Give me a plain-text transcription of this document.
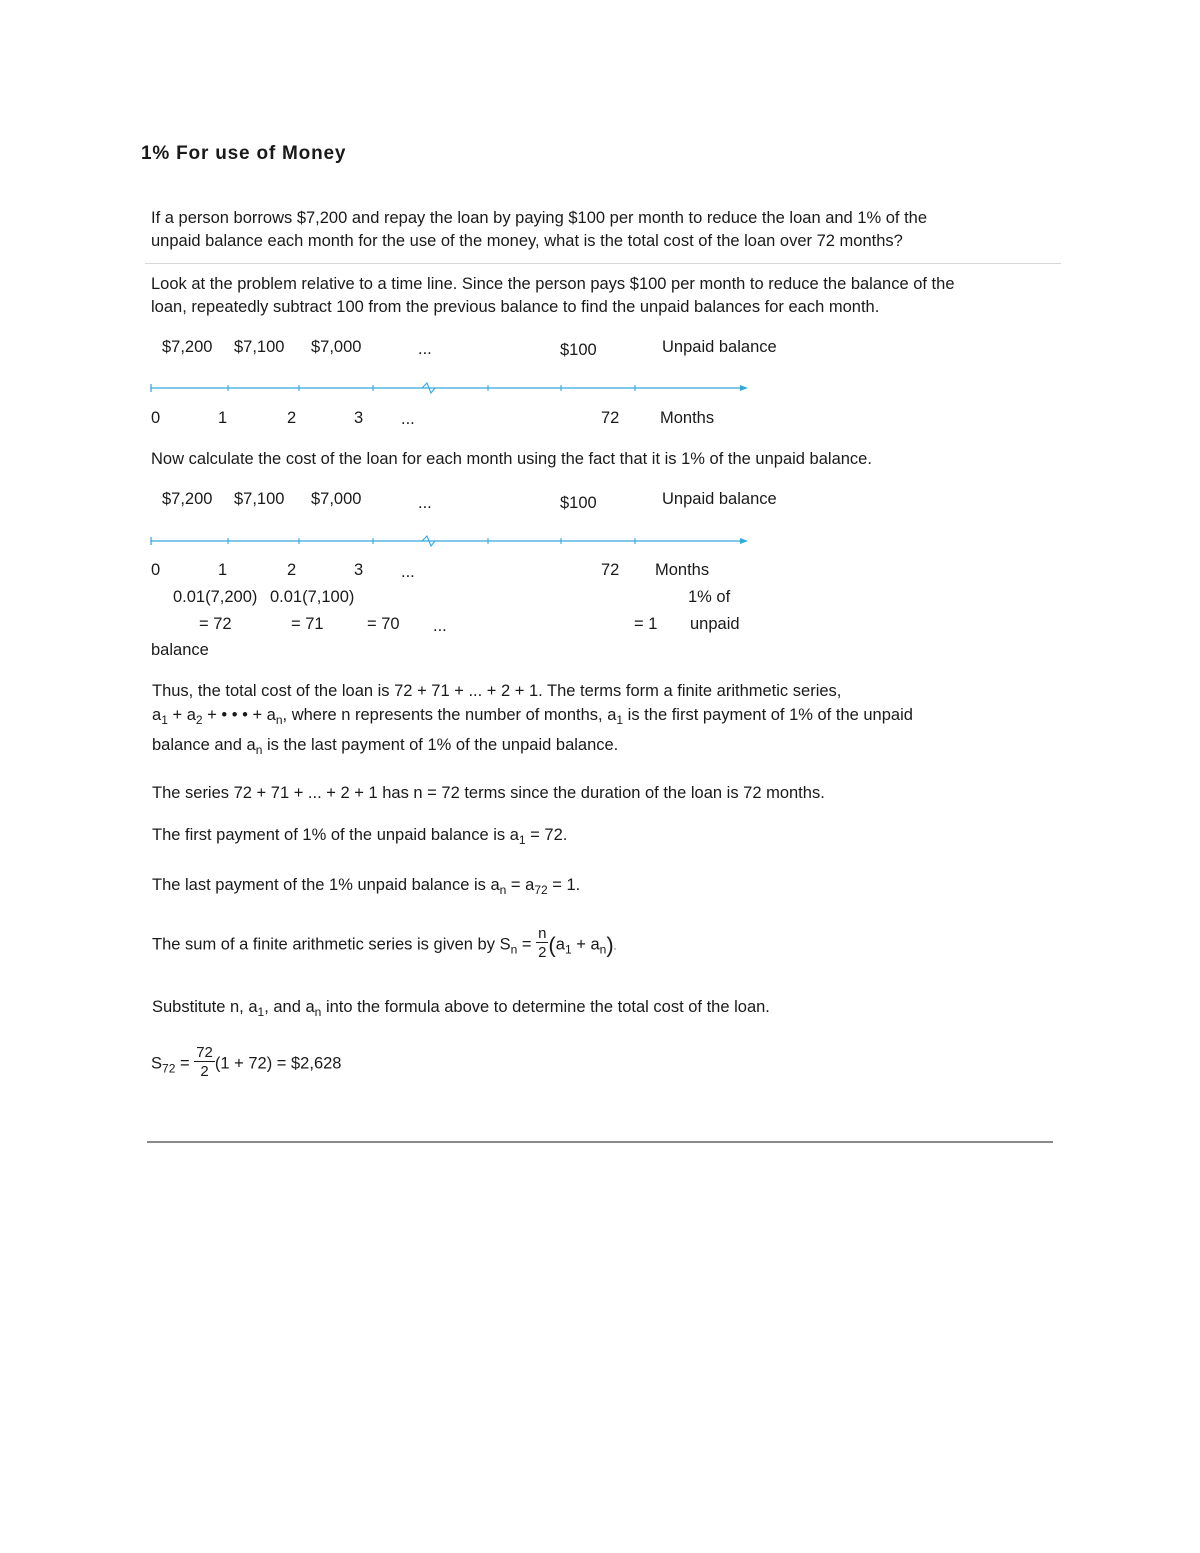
1% For use of Money
If a person borrows $7,200 and repay the loan by paying $100 per month to reduce the loan and 1% of the
unpaid balance each month for the use of the money, what is the total cost of the loan over 72 months?
Look at the problem relative to a time line. Since the person pays $100 per month to reduce the balance of the
loan, repeatedly subtract 100 from the previous balance to find the unpaid balances for each month.
$7,200 $7,100 $7,000	...	$100	Unpaid balance
0	1	2	3 ...	72 Months
Now calculate the cost of the loan for each month using the fact that it is 1% of the unpaid balance.
$7,200 $7,100 $7,000	...	$100	Unpaid balance
0	1	2	3 ...	72 Months
0.01(7,200) 0.01(7,100)	1% of
= 72	= 71	= 70 ...	= 1 unpaid
balance
Thus, the total cost of the loan is 72 + 71 + ... + 2 + 1. The terms form a finite arithmetic series,
$a_1 + a_2$ + • • • + $a_n$, where n represents the number of months, $a_1$ is the first payment of 1% of the unpaid
balance and $a_n$ is the last payment of 1% of the unpaid balance.
The series 72 + 71 + ... + 2 + 1 has n = 72 terms since the duration of the loan is 72 months.
The first payment of 1% of the unpaid balance is $a_1 = 72$.
The last payment of the 1% unpaid balance is $a_n = a_{72} = 1$.
The sum of a finite arithmetic series is given by $S_n = \frac{n}{2} (a_1 + a_n)$.
Substitute n, $a_1$, and $a_n$ into the formula above to determine the total cost of the loan.
$S_{72} = \frac{72}{2} (1 + 72)$ = $2,628
